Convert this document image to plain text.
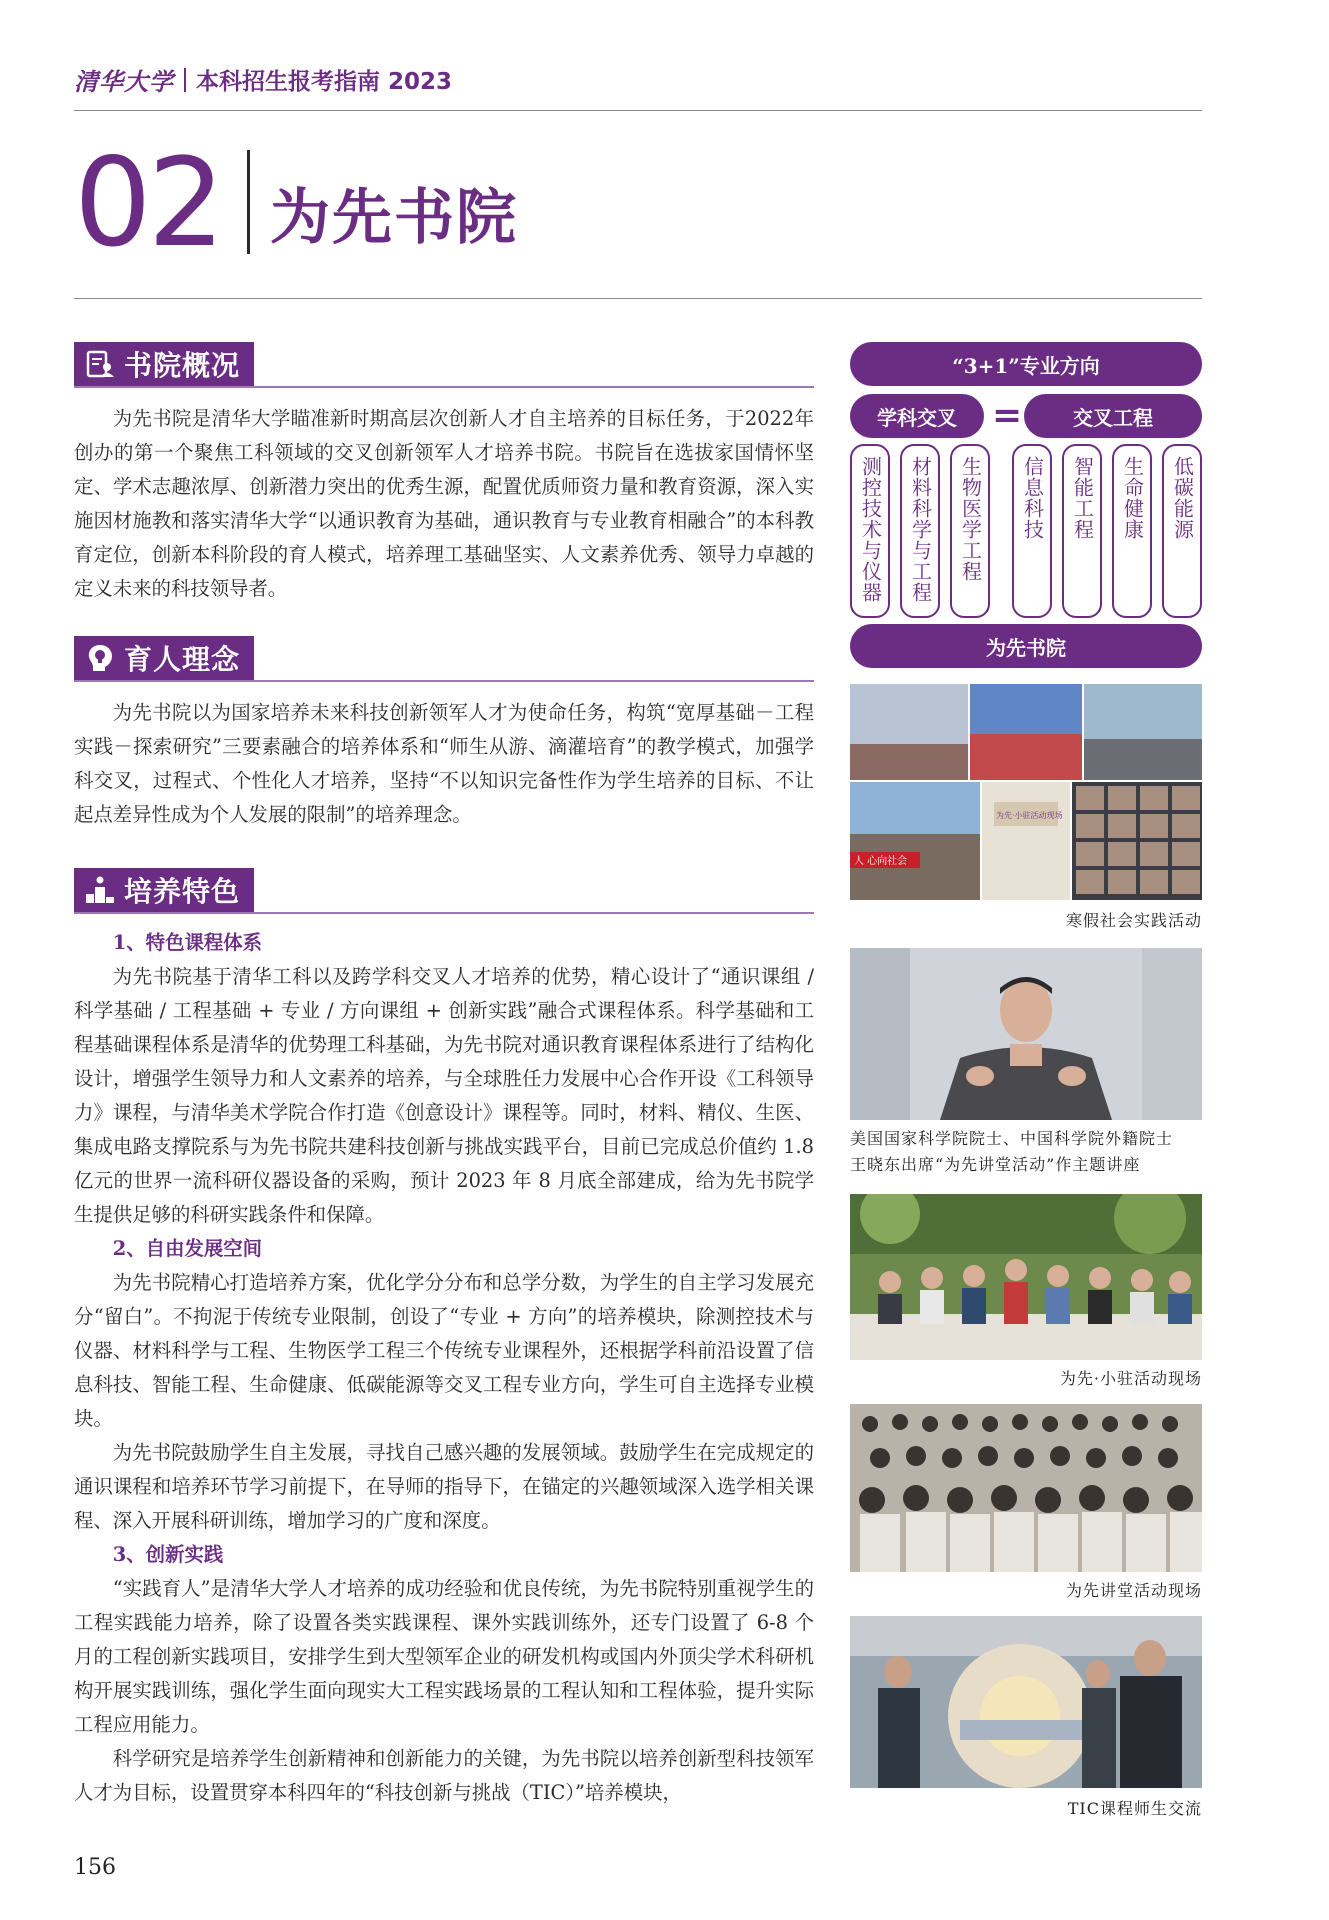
清华大学 本科招生报考指南 2023
02 为先书院
书院概况

为先书院是清华大学瞄准新时期高层次创新人才自主培养的目标任务，于2022年创办的第一个聚焦工科领域的交叉创新领军人才培养书院。书院旨在选拔家国情怀坚定、学术志趣浓厚、创新潜力突出的优秀生源，配置优质师资力量和教育资源，深入实施因材施教和落实清华大学“以通识教育为基础，通识教育与专业教育相融合”的本科教育定位，创新本科阶段的育人模式，培养理工基础坚实、人文素养优秀、领导力卓越的定义未来的科技领导者。

育人理念

为先书院以为国家培养未来科技创新领军人才为使命任务，构筑“宽厚基础－工程实践－探索研究”三要素融合的培养体系和“师生从游、滴灌培育”的教学模式，加强学科交叉，过程式、个性化人才培养，坚持“不以知识完备性作为学生培养的目标、不让起点差异性成为个人发展的限制”的培养理念。

培养特色

1、特色课程体系

为先书院基于清华工科以及跨学科交叉人才培养的优势，精心设计了“通识课组 / 科学基础 / 工程基础 + 专业 / 方向课组 + 创新实践”融合式课程体系。科学基础和工程基础课程体系是清华的优势理工科基础，为先书院对通识教育课程体系进行了结构化设计，增强学生领导力和人文素养的培养，与全球胜任力发展中心合作开设《工科领导力》课程，与清华美术学院合作打造《创意设计》课程等。同时，材料、精仪、生医、集成电路支撑院系与为先书院共建科技创新与挑战实践平台，目前已完成总价值约 1.8 亿元的世界一流科研仪器设备的采购，预计 2023 年 8 月底全部建成，给为先书院学生提供足够的科研实践条件和保障。

2、自由发展空间

为先书院精心打造培养方案，优化学分分布和总学分数，为学生的自主学习发展充分“留白”。不拘泥于传统专业限制，创设了“专业 + 方向”的培养模块，除测控技术与仪器、材料科学与工程、生物医学工程三个传统专业课程外，还根据学科前沿设置了信息科技、智能工程、生命健康、低碳能源等交叉工程专业方向，学生可自主选择专业模块。

为先书院鼓励学生自主发展，寻找自己感兴趣的发展领域。鼓励学生在完成规定的通识课程和培养环节学习前提下，在导师的指导下，在锚定的兴趣领域深入选学相关课程、深入开展科研训练，增加学习的广度和深度。

3、创新实践

“实践育人”是清华大学人才培养的成功经验和优良传统，为先书院特别重视学生的工程实践能力培养，除了设置各类实践课程、课外实践训练外，还专门设置了 6-8 个月的工程创新实践项目，安排学生到大型领军企业的研发机构或国内外顶尖学术科研机构开展实践训练，强化学生面向现实大工程实践场景的工程认知和工程体验，提升实际工程应用能力。

科学研究是培养学生创新精神和创新能力的关键，为先书院以培养创新型科技领军人才为目标，设置贯穿本科四年的“科技创新与挑战（TIC）”培养模块，

“3+1”专业方向
学科交叉 =	交叉工程
测控技术与仪器 材料科学与工程 生物医学工程 信息科技 智能工程 生命健康 低碳能源
为先书院
人 心向社会
为先·小驻活动现场
寒假社会实践活动
美国国家科学院院士、中国科学院外籍院士
王晓东出席“为先讲堂活动”作主题讲座
为先·小驻活动现场
为先讲堂活动现场
TIC课程师生交流
156
